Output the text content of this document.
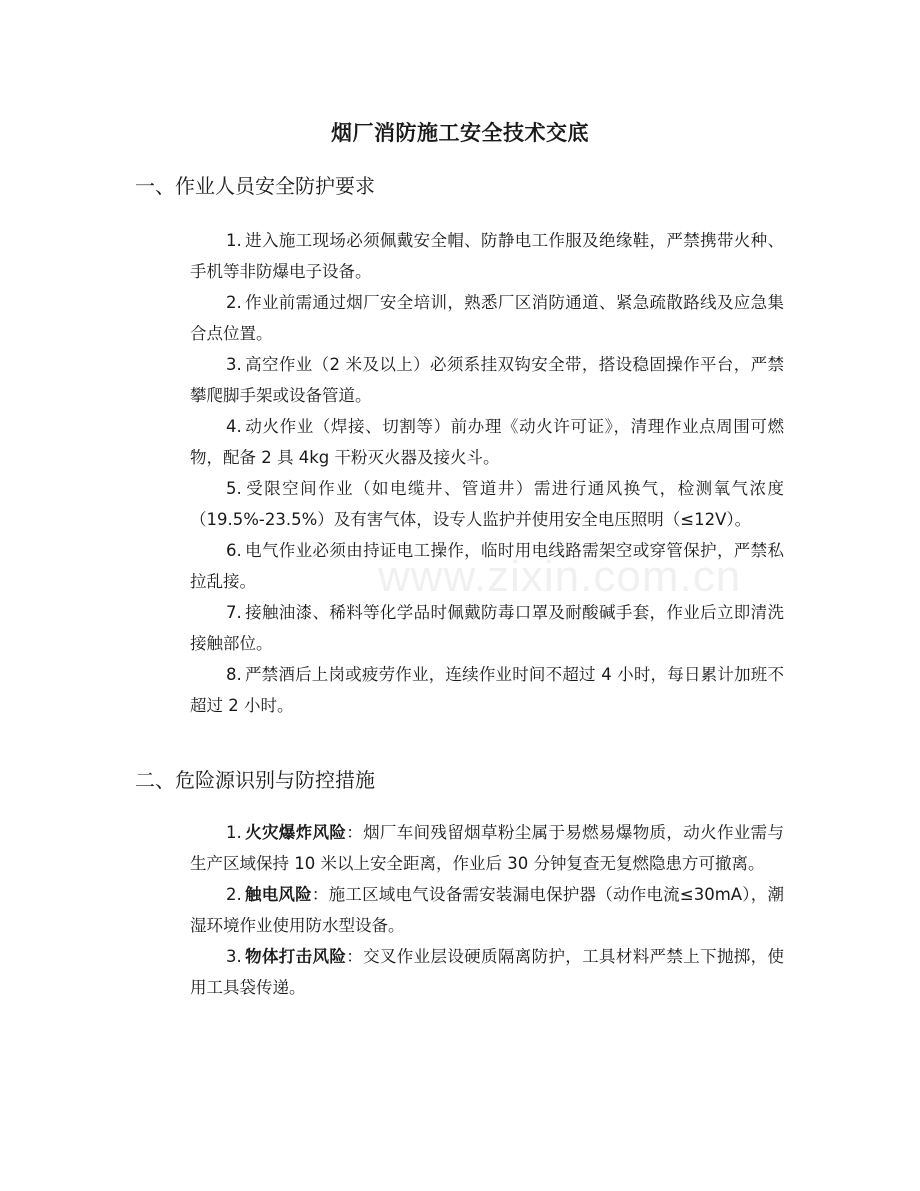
www.zixin.com.cn
烟厂消防施工安全技术交底
一、作业人员安全防护要求

1. 进入施工现场必须佩戴安全帽、防静电工作服及绝缘鞋，严禁携带火种、手机等非防爆电子设备。

2. 作业前需通过烟厂安全培训，熟悉厂区消防通道、紧急疏散路线及应急集合点位置。

3. 高空作业（2 米及以上）必须系挂双钩安全带，搭设稳固操作平台，严禁攀爬脚手架或设备管道。

4. 动火作业（焊接、切割等）前办理《动火许可证》，清理作业点周围可燃物，配备 2 具 4kg 干粉灭火器及接火斗。

5. 受限空间作业（如电缆井、管道井）需进行通风换气，检测氧气浓度（19.5%-23.5%）及有害气体，设专人监护并使用安全电压照明（≤12V）。

6. 电气作业必须由持证电工操作，临时用电线路需架空或穿管保护，严禁私拉乱接。

7. 接触油漆、稀料等化学品时佩戴防毒口罩及耐酸碱手套，作业后立即清洗接触部位。

8. 严禁酒后上岗或疲劳作业，连续作业时间不超过 4 小时，每日累计加班不超过 2 小时。

二、危险源识别与防控措施

1. 火灾爆炸风险：烟厂车间残留烟草粉尘属于易燃易爆物质，动火作业需与生产区域保持 10 米以上安全距离，作业后 30 分钟复查无复燃隐患方可撤离。

2. 触电风险：施工区域电气设备需安装漏电保护器（动作电流≤30mA），潮湿环境作业使用防水型设备。

3. 物体打击风险：交叉作业层设硬质隔离防护，工具材料严禁上下抛掷，使用工具袋传递。
